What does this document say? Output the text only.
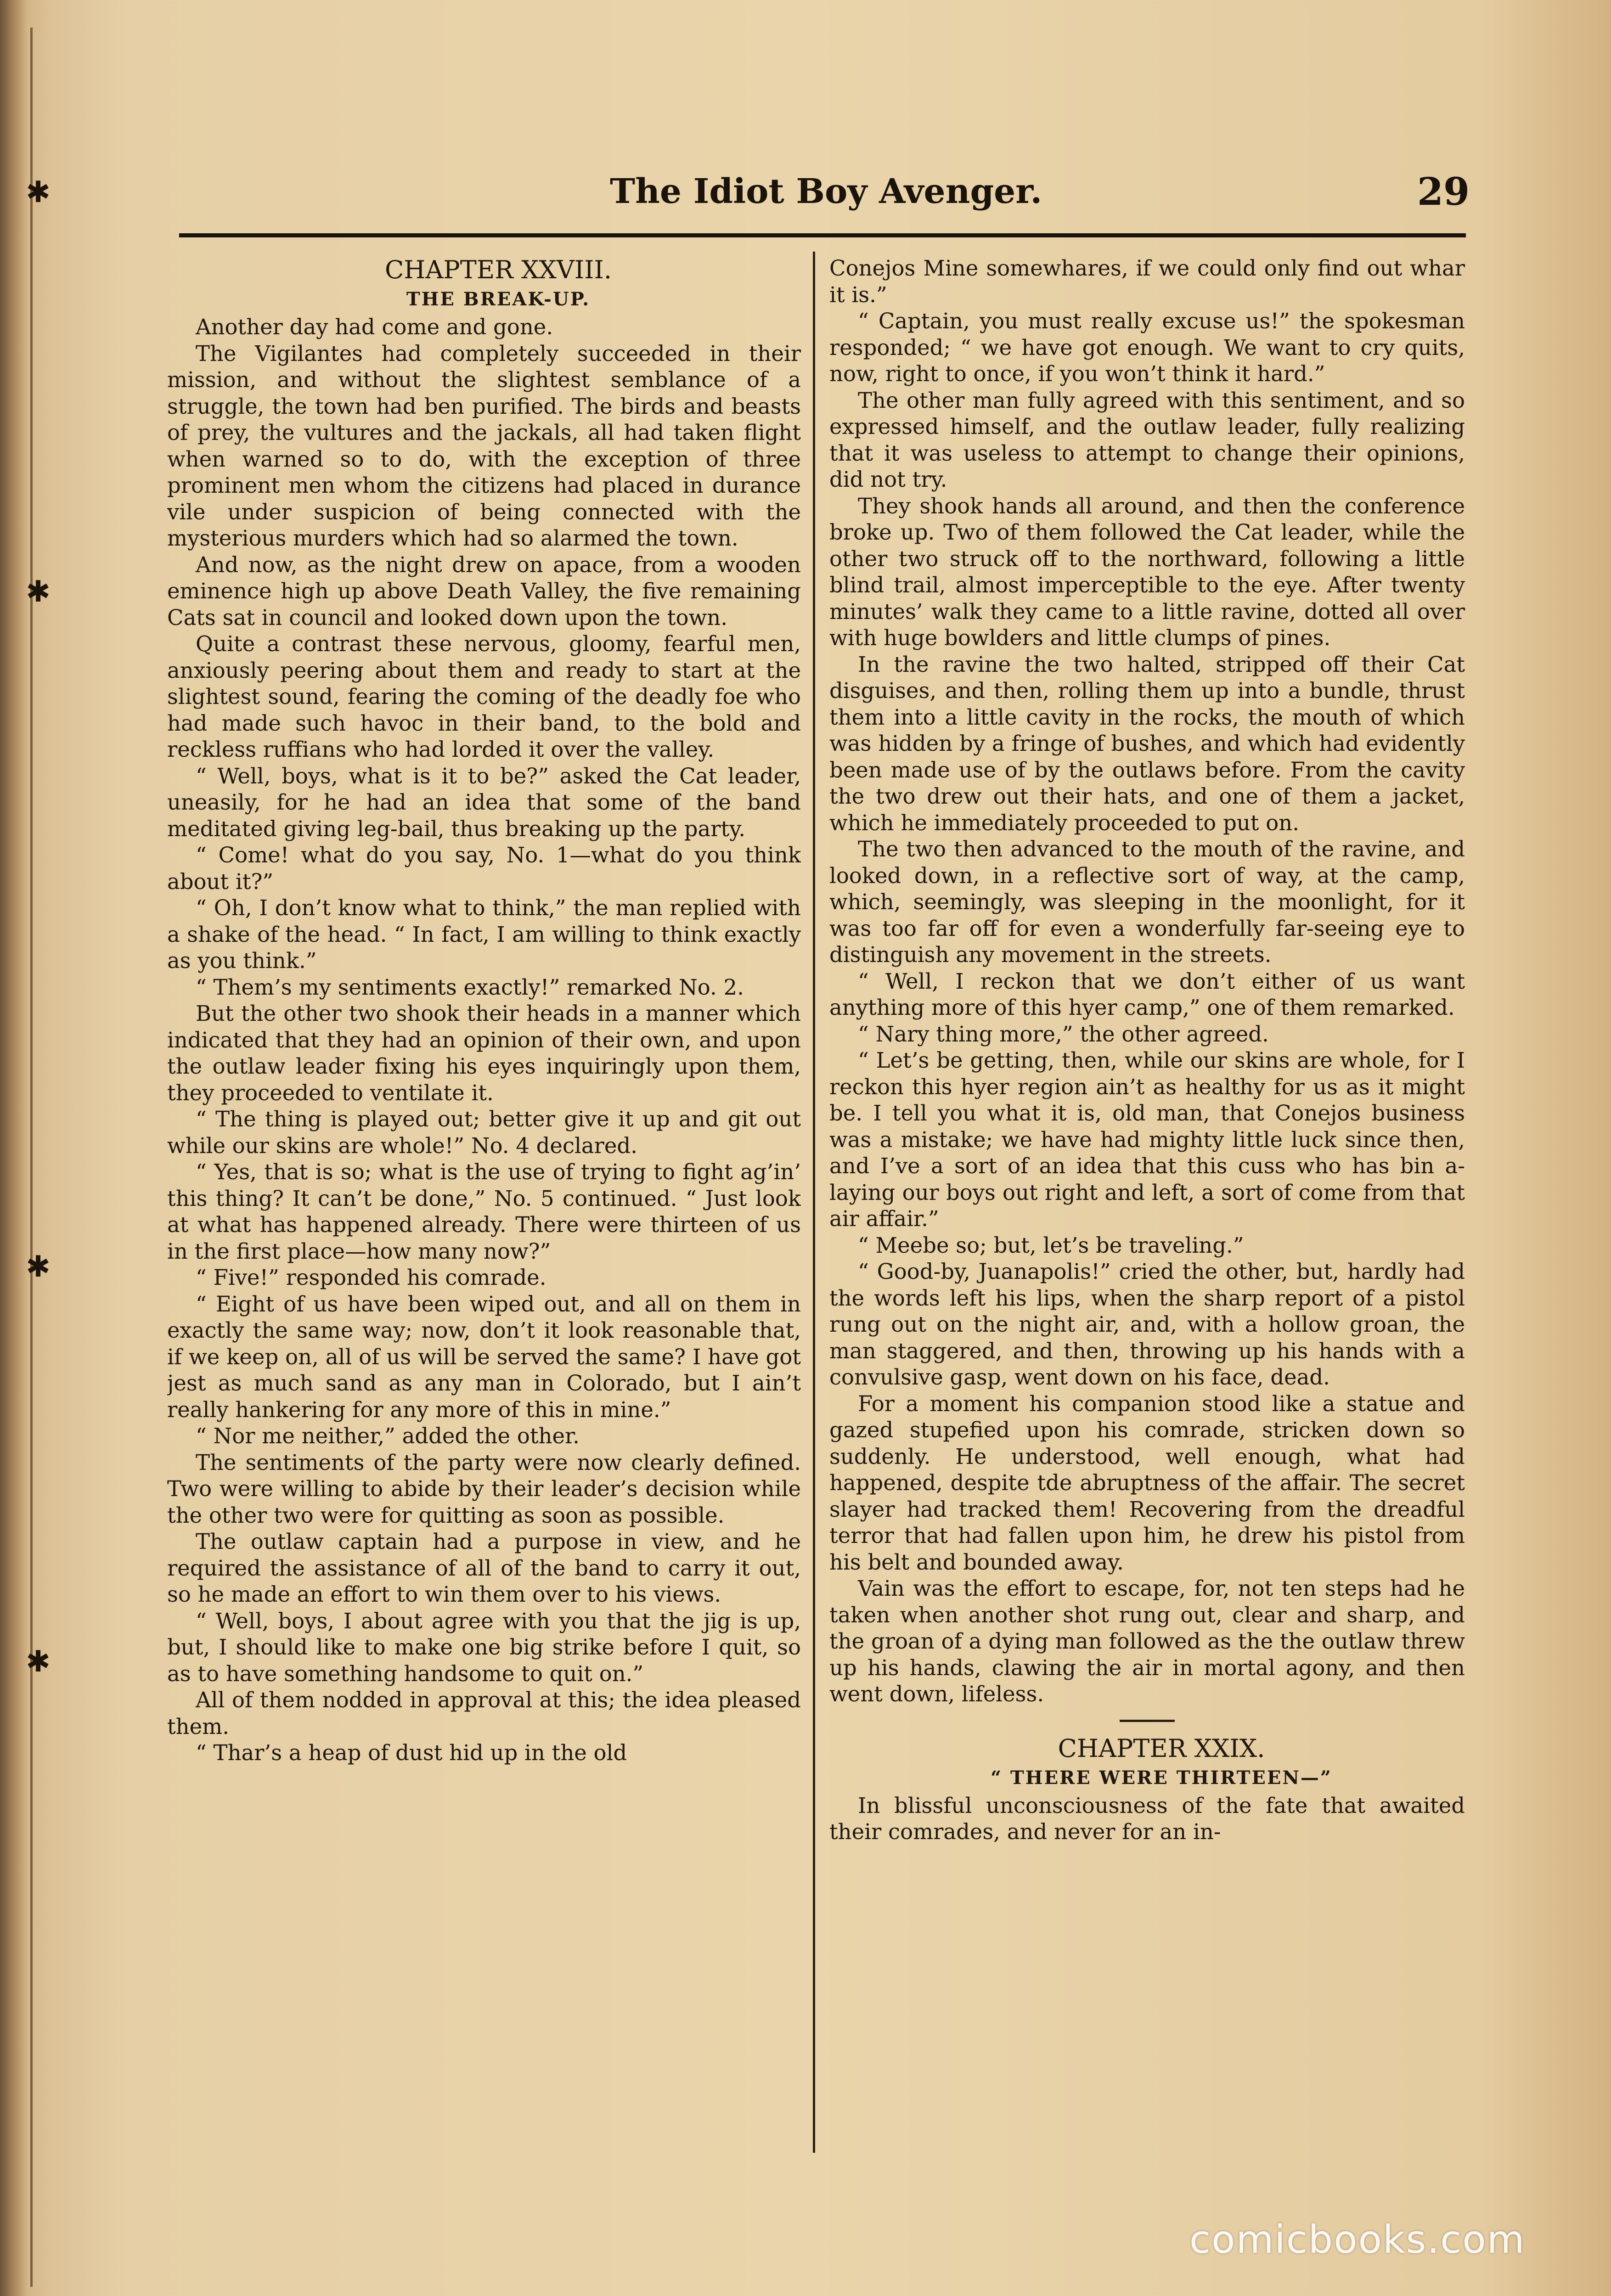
✱
✱
✱
✱
The Idiot Boy Avenger.	29

CHAPTER XXVIII.

THE BREAK-UP.

Another day had come and gone.

The Vigilantes had completely succeeded in their mission, and without the slightest semblance of a struggle, the town had ben purified. The birds and beasts of prey, the vultures and the jackals, all had taken flight when warned so to do, with the exception of three prominent men whom the citizens had placed in durance vile under suspicion of being connected with the mysterious murders which had so alarmed the town.

And now, as the night drew on apace, from a wooden eminence high up above Death Valley, the five remaining Cats sat in council and looked down upon the town.

Quite a contrast these nervous, gloomy, fearful men, anxiously peering about them and ready to start at the slightest sound, fearing the coming of the deadly foe who had made such havoc in their band, to the bold and reckless ruffians who had lorded it over the valley.

“ Well, boys, what is it to be?” asked the Cat leader, uneasily, for he had an idea that some of the band meditated giving leg-bail, thus breaking up the party.

“ Come! what do you say, No. 1—what do you think about it?”

“ Oh, I don’t know what to think,” the man replied with a shake of the head. “ In fact, I am willing to think exactly as you think.”

“ Them’s my sentiments exactly!” remarked No. 2.

But the other two shook their heads in a manner which indicated that they had an opinion of their own, and upon the outlaw leader fixing his eyes inquiringly upon them, they proceeded to ventilate it.

“ The thing is played out; better give it up and git out while our skins are whole!” No. 4 declared.

“ Yes, that is so; what is the use of trying to fight ag’in’ this thing? It can’t be done,” No. 5 continued. “ Just look at what has happened already. There were thirteen of us in the first place—how many now?”

“ Five!” responded his comrade.

“ Eight of us have been wiped out, and all on them in exactly the same way; now, don’t it look reasonable that, if we keep on, all of us will be served the same? I have got jest as much sand as any man in Colorado, but I ain’t really hankering for any more of this in mine.”

“ Nor me neither,” added the other.

The sentiments of the party were now clearly defined. Two were willing to abide by their leader’s decision while the other two were for quitting as soon as possible.

The outlaw captain had a purpose in view, and he required the assistance of all of the band to carry it out, so he made an effort to win them over to his views.

“ Well, boys, I about agree with you that the jig is up, but, I should like to make one big strike before I quit, so as to have something handsome to quit on.”

All of them nodded in approval at this; the idea pleased them.

“ Thar’s a heap of dust hid up in the old

Conejos Mine somewhares, if we could only find out whar it is.”

“ Captain, you must really excuse us!” the spokesman responded; “ we have got enough. We want to cry quits, now, right to once, if you won’t think it hard.”

The other man fully agreed with this sentiment, and so expressed himself, and the outlaw leader, fully realizing that it was useless to attempt to change their opinions, did not try.

They shook hands all around, and then the conference broke up. Two of them followed the Cat leader, while the other two struck off to the northward, following a little blind trail, almost imperceptible to the eye. After twenty minutes’ walk they came to a little ravine, dotted all over with huge bowlders and little clumps of pines.

In the ravine the two halted, stripped off their Cat disguises, and then, rolling them up into a bundle, thrust them into a little cavity in the rocks, the mouth of which was hidden by a fringe of bushes, and which had evidently been made use of by the outlaws before. From the cavity the two drew out their hats, and one of them a jacket, which he immediately proceeded to put on.

The two then advanced to the mouth of the ravine, and looked down, in a reflective sort of way, at the camp, which, seemingly, was sleeping in the moonlight, for it was too far off for even a wonderfully far-seeing eye to distinguish any movement in the streets.

“ Well, I reckon that we don’t either of us want anything more of this hyer camp,” one of them remarked.

“ Nary thing more,” the other agreed.

“ Let’s be getting, then, while our skins are whole, for I reckon this hyer region ain’t as healthy for us as it might be. I tell you what it is, old man, that Conejos business was a mistake; we have had mighty little luck since then, and I’ve a sort of an idea that this cuss who has bin a-laying our boys out right and left, a sort of come from that air affair.”

“ Meebe so; but, let’s be traveling.”

“ Good-by, Juanapolis!” cried the other, but, hardly had the words left his lips, when the sharp report of a pistol rung out on the night air, and, with a hollow groan, the man staggered, and then, throwing up his hands with a convulsive gasp, went down on his face, dead.

For a moment his companion stood like a statue and gazed stupefied upon his comrade, stricken down so suddenly. He understood, well enough, what had happened, despite tde abruptness of the affair. The secret slayer had tracked them! Recovering from the dreadful terror that had fallen upon him, he drew his pistol from his belt and bounded away.

Vain was the effort to escape, for, not ten steps had he taken when another shot rung out, clear and sharp, and the groan of a dying man followed as the the outlaw threw up his hands, clawing the air in mortal agony, and then went down, lifeless.

CHAPTER XXIX.

“ THERE WERE THIRTEEN—”

In blissful unconsciousness of the fate that awaited their comrades, and never for an in-

comicbooks.com
